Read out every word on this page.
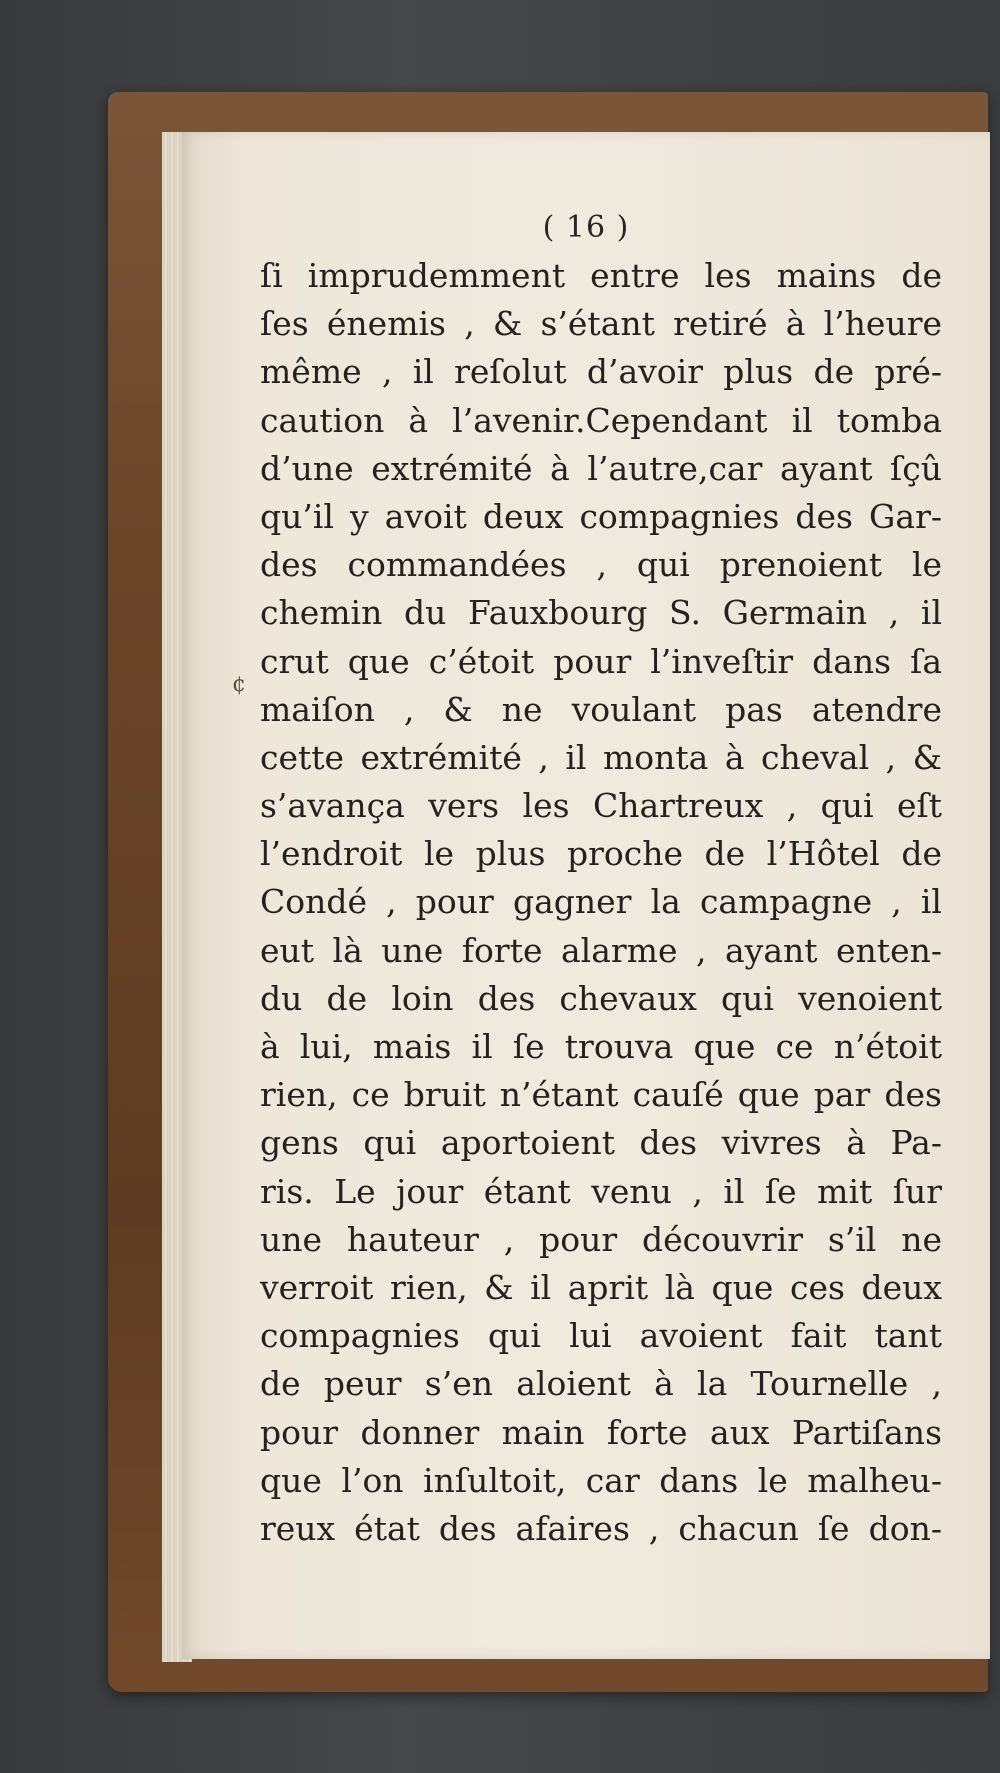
( 16 )
ſi imprudemment entre les mains de
ſes énemis , & s’étant retiré à l’heure
même , il reſolut d’avoir plus de pré-
caution à l’avenir.Cependant il tomba
d’une extrémité à l’autre,car ayant ſçû
qu’il y avoit deux compagnies des Gar-
des commandées , qui prenoient le
chemin du Fauxbourg S. Germain , il
crut que c’étoit pour l’inveſtir dans ſa
maiſon , & ne voulant pas atendre
cette extrémité , il monta à cheval , &
s’avança vers les Chartreux , qui eſt
l’endroit le plus proche de l’Hôtel de
Condé , pour gagner la campagne , il
eut là une forte alarme , ayant enten-
du de loin des chevaux qui venoient
à lui, mais il ſe trouva que ce n’étoit
rien, ce bruit n’étant cauſé que par des
gens qui aportoient des vivres à Pa-
ris. Le jour étant venu , il ſe mit ſur
une hauteur , pour découvrir s’il ne
verroit rien, & il aprit là que ces deux
compagnies qui lui avoient fait tant
de peur s’en aloient à la Tournelle ,
pour donner main forte aux Partiſans
que l’on inſultoit, car dans le malheu-
reux état des afaires , chacun ſe don-
¢
